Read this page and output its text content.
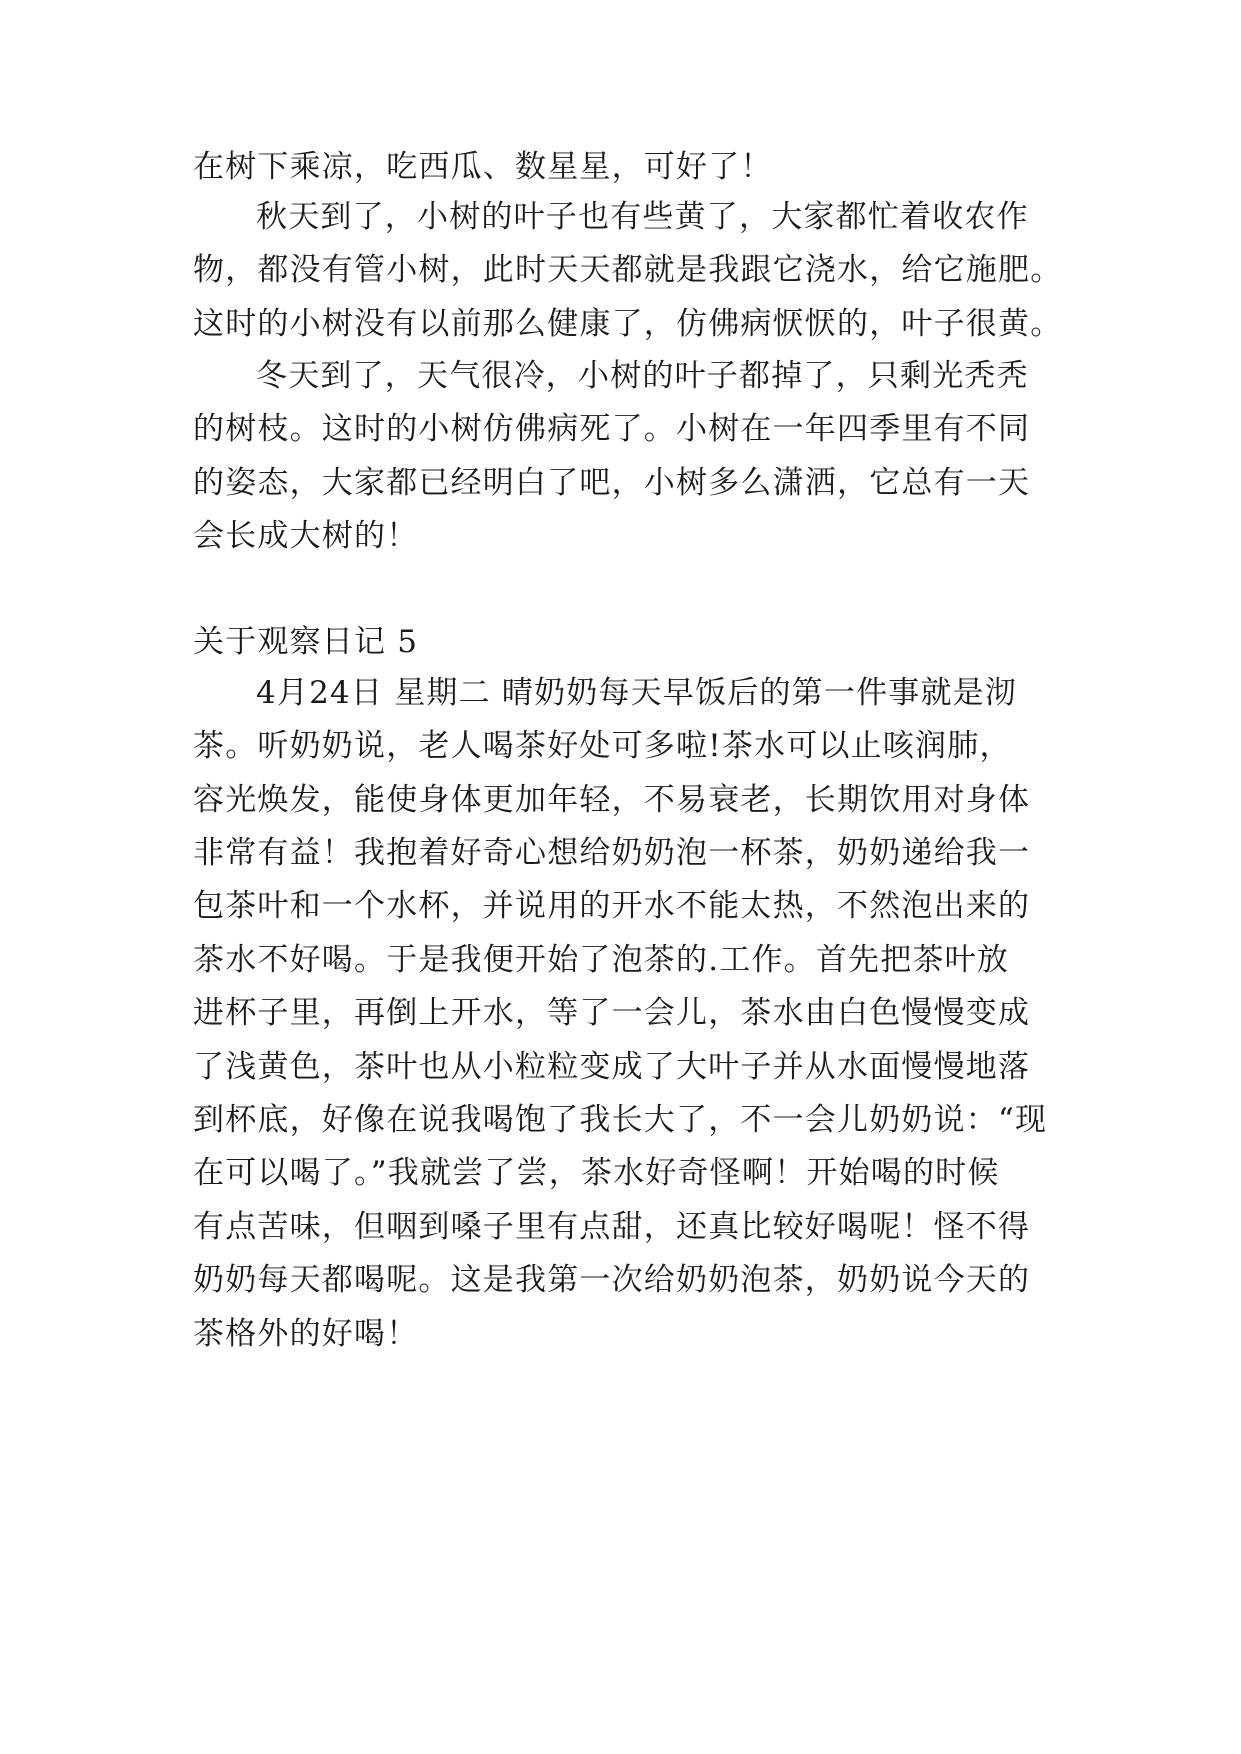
在树下乘凉，吃西瓜、数星星，可好了！
秋天到了，小树的叶子也有些黄了，大家都忙着收农作
物，都没有管小树，此时天天都就是我跟它浇水，给它施肥。
这时的小树没有以前那么健康了，仿佛病恹恹的，叶子很黄。
冬天到了，天气很冷，小树的叶子都掉了，只剩光秃秃
的树枝。这时的小树仿佛病死了。小树在一年四季里有不同
的姿态，大家都已经明白了吧，小树多么潇洒，它总有一天
会长成大树的！
关于观察日记 5
4月24日 星期二 晴奶奶每天早饭后的第一件事就是沏
茶。听奶奶说，老人喝茶好处可多啦!茶水可以止咳润肺，
容光焕发，能使身体更加年轻，不易衰老，长期饮用对身体
非常有益！我抱着好奇心想给奶奶泡一杯茶，奶奶递给我一
包茶叶和一个水杯，并说用的开水不能太热，不然泡出来的
茶水不好喝。于是我便开始了泡茶的.工作。首先把茶叶放
进杯子里，再倒上开水，等了一会儿，茶水由白色慢慢变成
了浅黄色，茶叶也从小粒粒变成了大叶子并从水面慢慢地落
到杯底，好像在说我喝饱了我长大了，不一会儿奶奶说：“现
在可以喝了。”我就尝了尝，茶水好奇怪啊！开始喝的时候
有点苦味，但咽到嗓子里有点甜，还真比较好喝呢！怪不得
奶奶每天都喝呢。这是我第一次给奶奶泡茶，奶奶说今天的
茶格外的好喝！
